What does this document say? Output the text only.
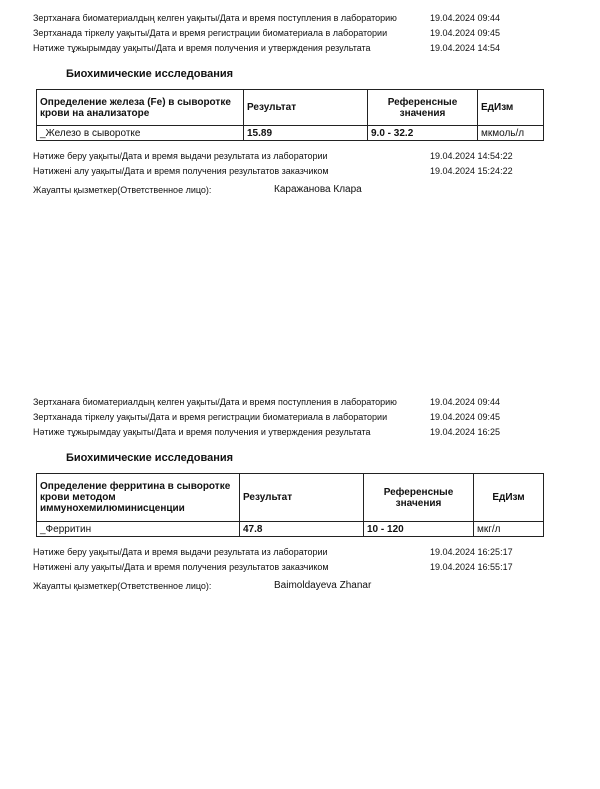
Зертханаға биоматериалдың келген уақыты/Дата и время поступления в лабораторию	19.04.2024 09:44
Зертханада тіркелу уақыты/Дата и время регистрации биоматериала в лаборатории	19.04.2024 09:45
Нәтиже тұжырымдау уақыты/Дата и время получения и утверждения результата	19.04.2024 14:54
Биохимические исследования
Определение железа (Fe) в сыворотке крови на анализаторе	Результат	Референсные значения	ЕдИзм
_Железо в сыворотке	15.89	9.0 - 32.2	мкмоль/л
Нәтиже беру уақыты/Дата и время выдачи результата из лаборатории	19.04.2024 14:54:22
Нәтижені алу уақыты/Дата и время получения результатов заказчиком	19.04.2024 15:24:22
Жауапты қызметкер(Ответственное лицо):	Каражанова Клара
Зертханаға биоматериалдың келген уақыты/Дата и время поступления в лабораторию	19.04.2024 09:44
Зертханада тіркелу уақыты/Дата и время регистрации биоматериала в лаборатории	19.04.2024 09:45
Нәтиже тұжырымдау уақыты/Дата и время получения и утверждения результата	19.04.2024 16:25
Биохимические исследования
Определение ферритина в сыворотке крови методом иммунохемилюминисценции	Результат	Референсные значения	ЕдИзм
_Ферритин	47.8	10 - 120	мкг/л
Нәтиже беру уақыты/Дата и время выдачи результата из лаборатории	19.04.2024 16:25:17
Нәтижені алу уақыты/Дата и время получения результатов заказчиком	19.04.2024 16:55:17
Жауапты қызметкер(Ответственное лицо):	Baimoldayeva Zhanar
